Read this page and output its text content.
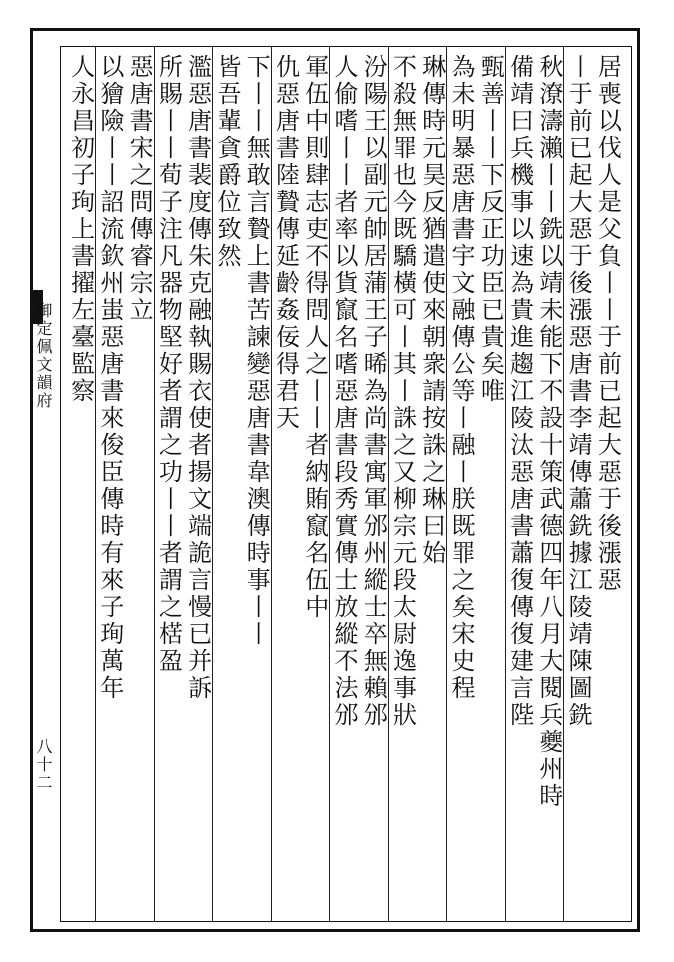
御定佩文韻府
八十二
居喪以伐人是父負丨丨于前已起大惡于後漲惡
丨于前已起大惡于後漲惡唐書李靖傳蕭銑據江陵靖陳圖銑
秋潦濤瀨丨丨銑以靖未能下不設十策武德四年八月大閱兵夔州時
備靖曰兵機事以速為貴進趨江陵汰惡唐書蕭復傳復建言陛
甄善丨丨下反正功臣已貴矣唯
為未明暴惡唐書宇文融傳公等丨融丨朕既罪之矣宋史程
琳傳時元昊反猶遣使來朝衆請按誅之琳曰始
不殺無罪也今既驕橫可丨其丨誅之又柳宗元段太尉逸事狀
汾陽王以副元帥居蒲王子晞為尚書寓軍邠州縱士卒無賴邠
人偷嗜丨丨者率以貨竄名嗜惡唐書段秀實傳士放縱不法邠
軍伍中則肆志吏不得問人之丨丨者納賄竄名伍中
仇惡唐書陸贄傳延齡姦佞得君天
下丨丨無敢言贄上書苦諫變惡唐書韋澳傳時事丨丨
皆吾輩貪爵位致然
濫惡唐書裴度傳朱克融執賜衣使者揚文端詭言慢已并訴
所賜丨丨荀子注凡器物堅好者謂之功丨丨者謂之楛盈
惡唐書宋之問傳睿宗立
以獪險丨丨詔流欽州蚩惡唐書來俊臣傳時有來子珣萬年
人永昌初子珣上書擢左臺監察
